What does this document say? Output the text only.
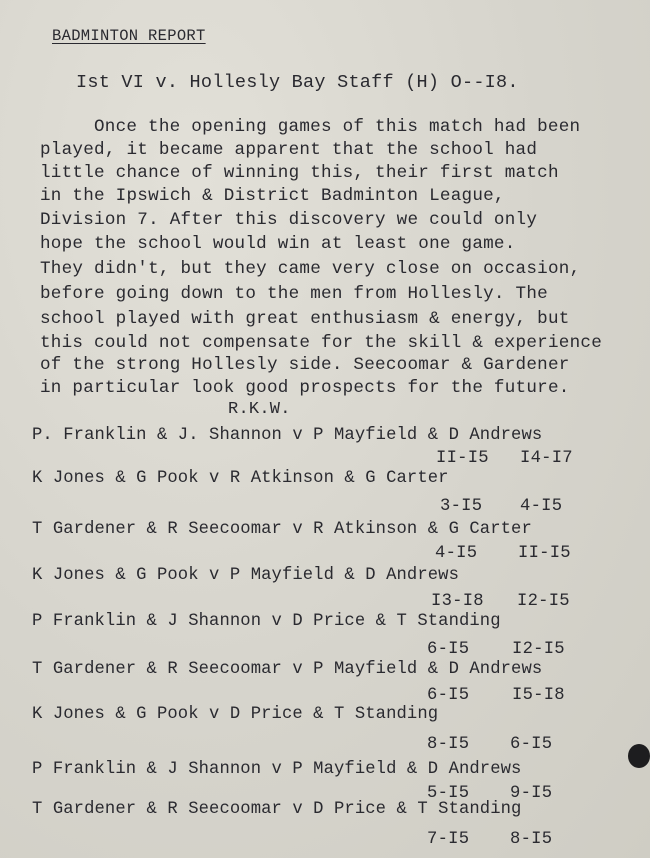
BADMINTON REPORT
Ist VI v. Hollesly Bay Staff (H) O--I8.
Once the opening games of this match had been
played, it became apparent that the school had
little chance of winning this, their first match
in the Ipswich & District Badminton League,
Division 7. After this discovery we could only
hope the school would win at least one game.
They didn't, but they came very close on occasion,
before going down to the men from Hollesly. The
school played with great enthusiasm & energy, but
this could not compensate for the skill & experience
of the strong Hollesly side. Seecoomar & Gardener
in particular look good prospects for the future.
R.K.W.
P. Franklin & J. Shannon v P Mayfield & D Andrews
II-I5 I4-I7
K Jones & G Pook v R Atkinson & G Carter
3-I5 4-I5
T Gardener & R Seecoomar v R Atkinson & G Carter
4-I5 II-I5
K Jones & G Pook v P Mayfield & D Andrews
I3-I8 I2-I5
P Franklin & J Shannon v D Price & T Standing
6-I5 I2-I5
T Gardener & R Seecoomar v P Mayfield & D Andrews
6-I5 I5-I8
K Jones & G Pook v D Price & T Standing
8-I5 6-I5
P Franklin & J Shannon v P Mayfield & D Andrews
5-I5 9-I5
T Gardener & R Seecoomar v D Price & T Standing
7-I5 8-I5
